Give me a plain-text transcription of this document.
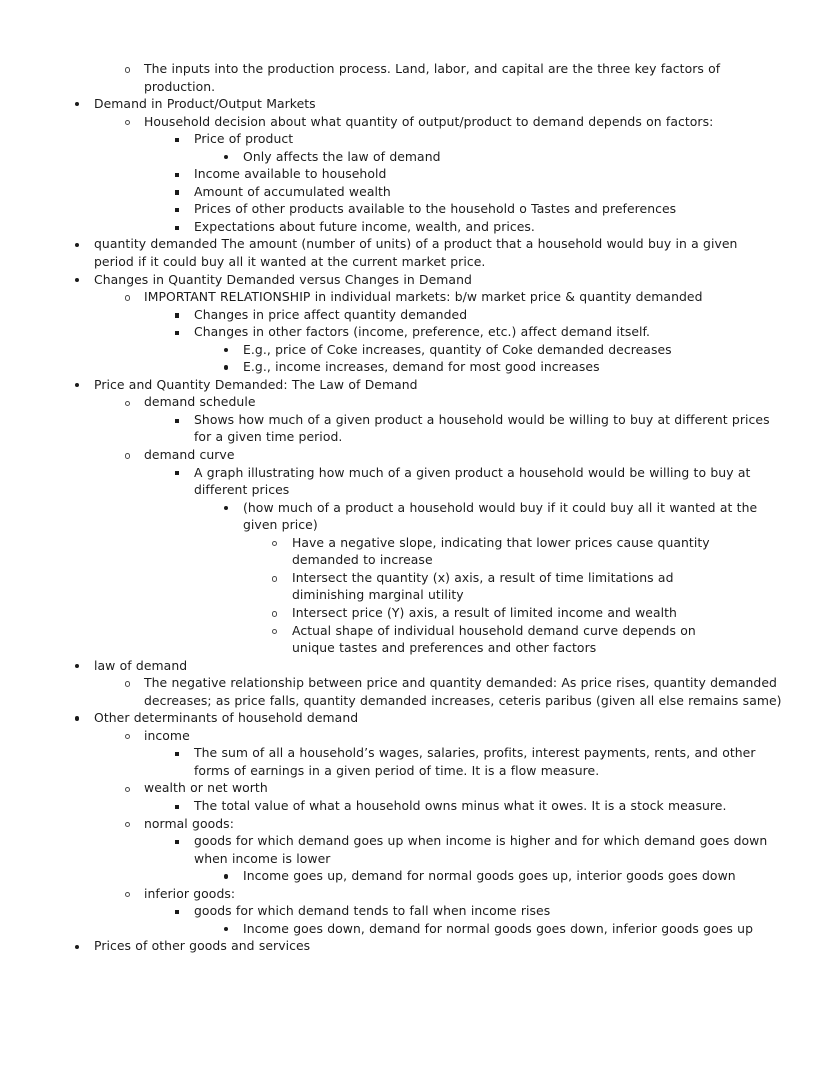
The inputs into the production process. Land, labor, and capital are the three key factors of production.
Demand in Product/Output Markets
Household decision about what quantity of output/product to demand depends on factors:
Price of product
Only affects the law of demand
Income available to household
Amount of accumulated wealth
Prices of other products available to the household o Tastes and preferences
Expectations about future income, wealth, and prices.
quantity demanded The amount (number of units) of a product that a household would buy in a given period if it could buy all it wanted at the current market price.
Changes in Quantity Demanded versus Changes in Demand
IMPORTANT RELATIONSHIP in individual markets: b/w market price & quantity demanded
Changes in price affect quantity demanded
Changes in other factors (income, preference, etc.) affect demand itself.
E.g., price of Coke increases, quantity of Coke demanded decreases
E.g., income increases, demand for most good increases
Price and Quantity Demanded: The Law of Demand
demand schedule
Shows how much of a given product a household would be willing to buy at different prices for a given time period.
demand curve
A graph illustrating how much of a given product a household would be willing to buy at different prices
(how much of a product a household would buy if it could buy all it wanted at the given price)
Have a negative slope, indicating that lower prices cause quantity demanded to increase
Intersect the quantity (x) axis, a result of time limitations ad diminishing marginal utility
Intersect price (Y) axis, a result of limited income and wealth
Actual shape of individual household demand curve depends on unique tastes and preferences and other factors
law of demand
The negative relationship between price and quantity demanded: As price rises, quantity demanded decreases; as price falls, quantity demanded increases, ceteris paribus (given all else remains same)
Other determinants of household demand
income
The sum of all a household’s wages, salaries, profits, interest payments, rents, and other forms of earnings in a given period of time. It is a flow measure.
wealth or net worth
The total value of what a household owns minus what it owes. It is a stock measure.
normal goods:
goods for which demand goes up when income is higher and for which demand goes down when income is lower
Income goes up, demand for normal goods goes up, interior goods goes down
inferior goods:
goods for which demand tends to fall when income rises
Income goes down, demand for normal goods goes down, inferior goods goes up
Prices of other goods and services
